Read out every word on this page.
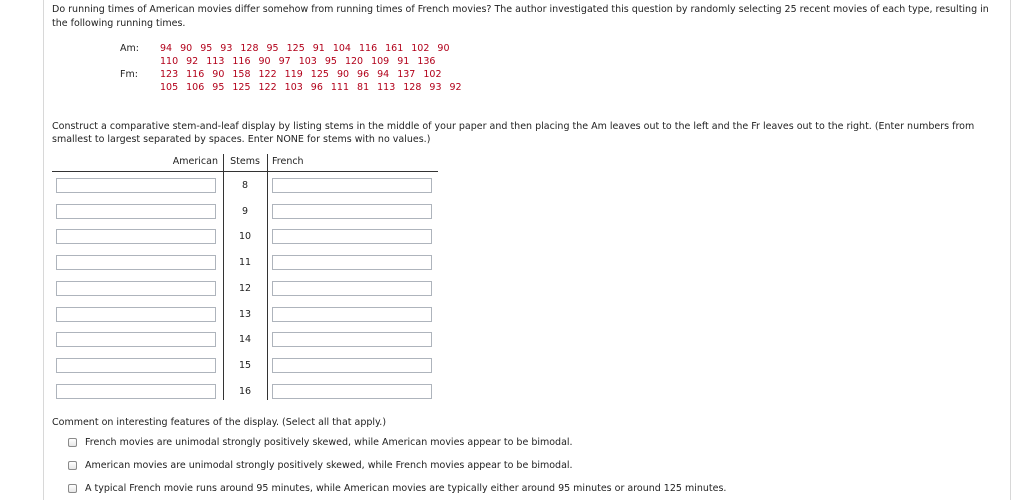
Do running times of American movies differ somehow from running times of French movies? The author investigated this question by randomly selecting 25 recent movies of each type, resulting in the following running times.
Am:	94 90 95 93 128 95 125 91 104 116 161 102 90
110 92 113 116 90 97 103 95 120 109 91 136
Fm:	123 116 90 158 122 119 125 90 96 94 137 102
105 106 95 125 122 103 96 111 81 113 128 93 92
Construct a comparative stem-and-leaf display by listing stems in the middle of your paper and then placing the Am leaves out to the left and the Fr leaves out to the right. (Enter numbers from smallest to largest separated by spaces. Enter NONE for stems with no values.)
American	Stems	French
8
9
10
11
12
13
14
15
16
Comment on interesting features of the display. (Select all that apply.)
French movies are unimodal strongly positively skewed, while American movies appear to be bimodal.
American movies are unimodal strongly positively skewed, while French movies appear to be bimodal.
A typical French movie runs around 95 minutes, while American movies are typically either around 95 minutes or around 125 minutes.
